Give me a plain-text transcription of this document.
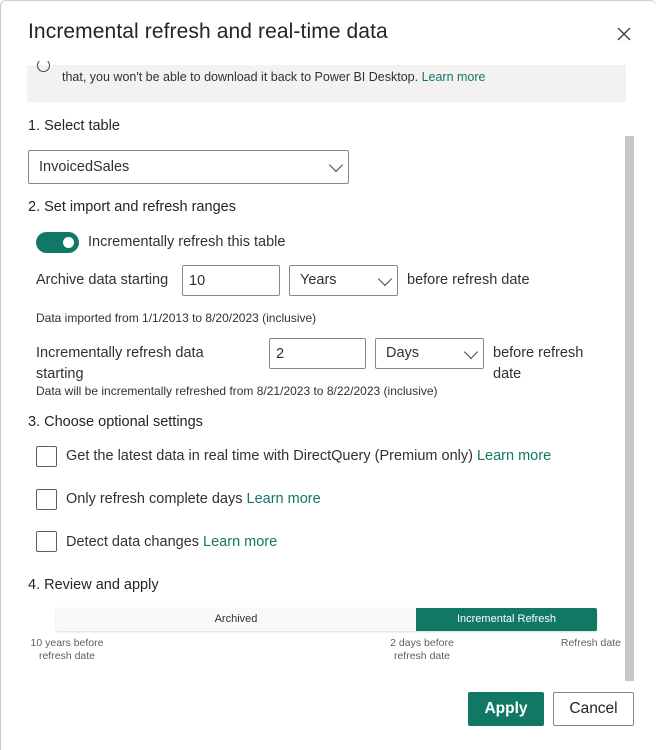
Incremental refresh and real-time data
that, you won't be able to download it back to Power BI Desktop. Learn more
1. Select table
InvoicedSales
2. Set import and refresh ranges
Incrementally refresh this table
Archive data starting
10	Years	before refresh date
Data imported from 1/1/2013 to 8/20/2023 (inclusive)
Incrementally refresh data
starting
2
Days	before refresh
date
Data will be incrementally refreshed from 8/21/2023 to 8/22/2023 (inclusive)
3. Choose optional settings
Get the latest data in real time with DirectQuery (Premium only) Learn more
Only refresh complete days Learn more
Detect data changes Learn more
4. Review and apply
Archived	Incremental Refresh
10 years before
refresh date
2 days before
refresh date
Refresh date
Apply	Cancel
